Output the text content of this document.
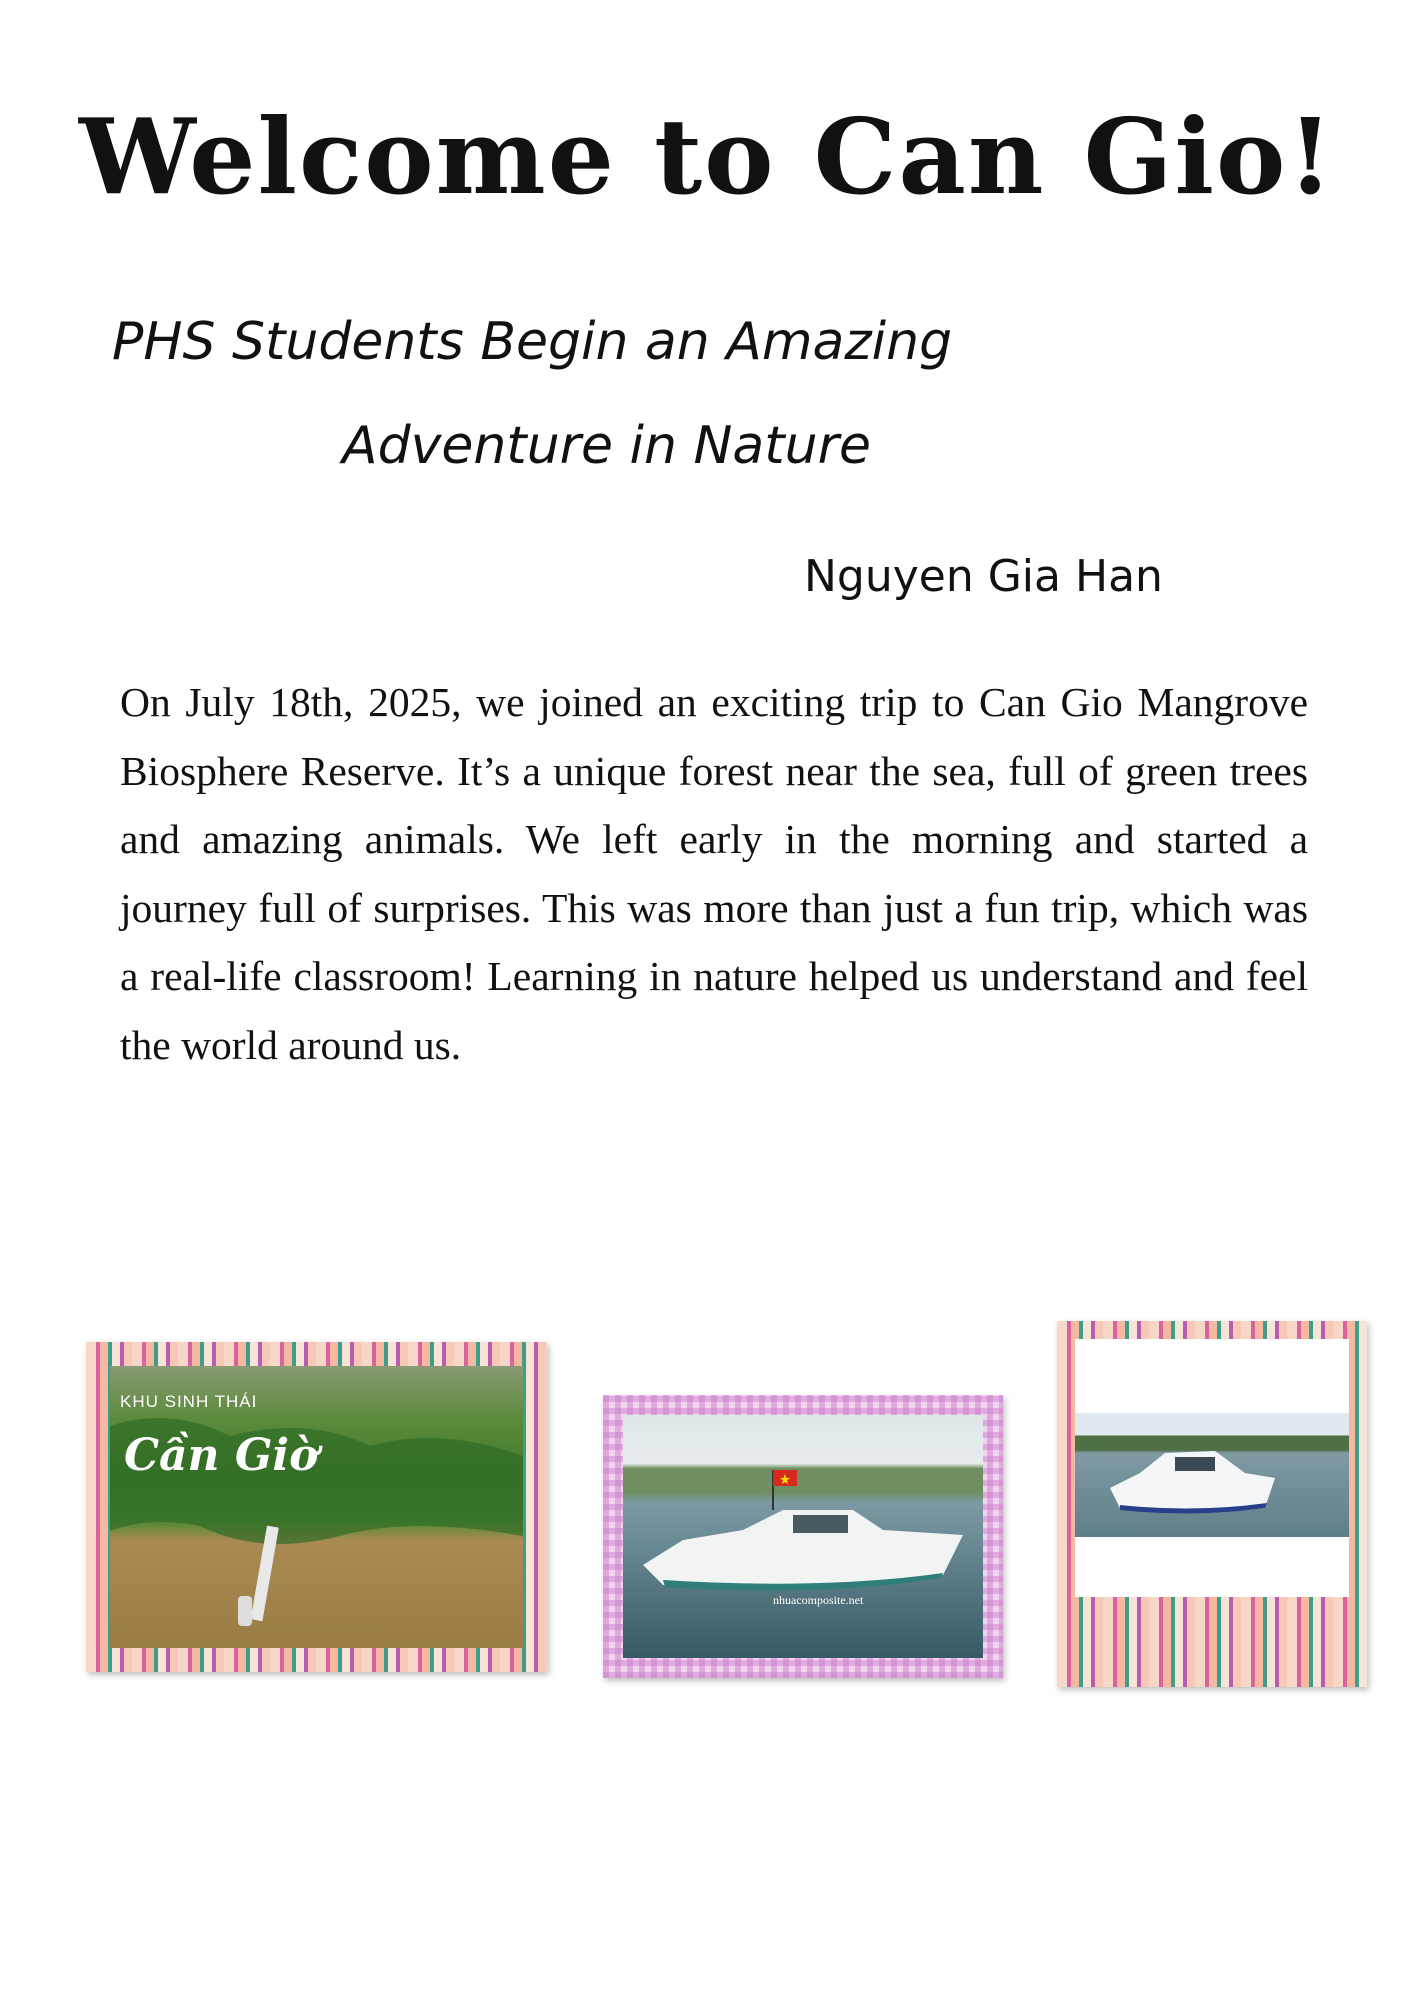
Welcome to Can Gio!

PHS Students Begin an Amazing

Adventure in Nature

Nguyen Gia Han

On July 18th, 2025, we joined an exciting trip to Can Gio Mangrove Biosphere Reserve. It’s a unique forest near the sea, full of green trees and amazing animals. We left early in the morning and started a journey full of surprises. This was more than just a fun trip, which was a real-life classroom! Learning in nature helped us understand and feel the world around us.

KHU SINH THÁI
Cần Giờ
nhuacomposite.net
